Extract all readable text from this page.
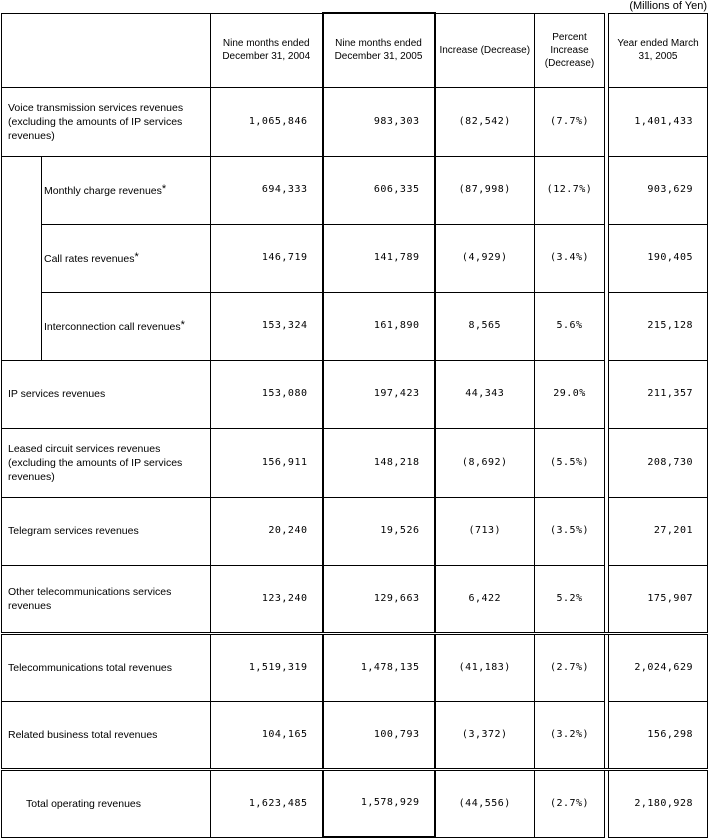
(Millions of Yen)
		Nine months ended December 31, 2004	Nine months ended December 31, 2005	Increase (Decrease)	Percent Increase (Decrease)		Year ended March 31, 2005
Voice transmission services revenues (excluding the amounts of IP services revenues)		1,065,846	983,303	(82,542)	(7.7%)		1,401,433
	Monthly charge revenues*	694,333	606,335	(87,998)	(12.7%)		903,629
	Call rates revenues*	146,719	141,789	(4,929)	(3.4%)		190,405
	Interconnection call revenues*	153,324	161,890	8,565	5.6%		215,128
IP services revenues		153,080	197,423	44,343	29.0%		211,357
Leased circuit services revenues (excluding the amounts of IP services revenues)		156,911	148,218	(8,692)	(5.5%)		208,730
Telegram services revenues		20,240	19,526	(713)	(3.5%)		27,201
Other telecommunications services revenues		123,240	129,663	6,422	5.2%		175,907
Telecommunications total revenues		1,519,319	1,478,135	(41,183)	(2.7%)		2,024,629
Related business total revenues		104,165	100,793	(3,372)	(3.2%)		156,298
Total operating revenues		1,623,485	1,578,929	(44,556)	(2.7%)		2,180,928
